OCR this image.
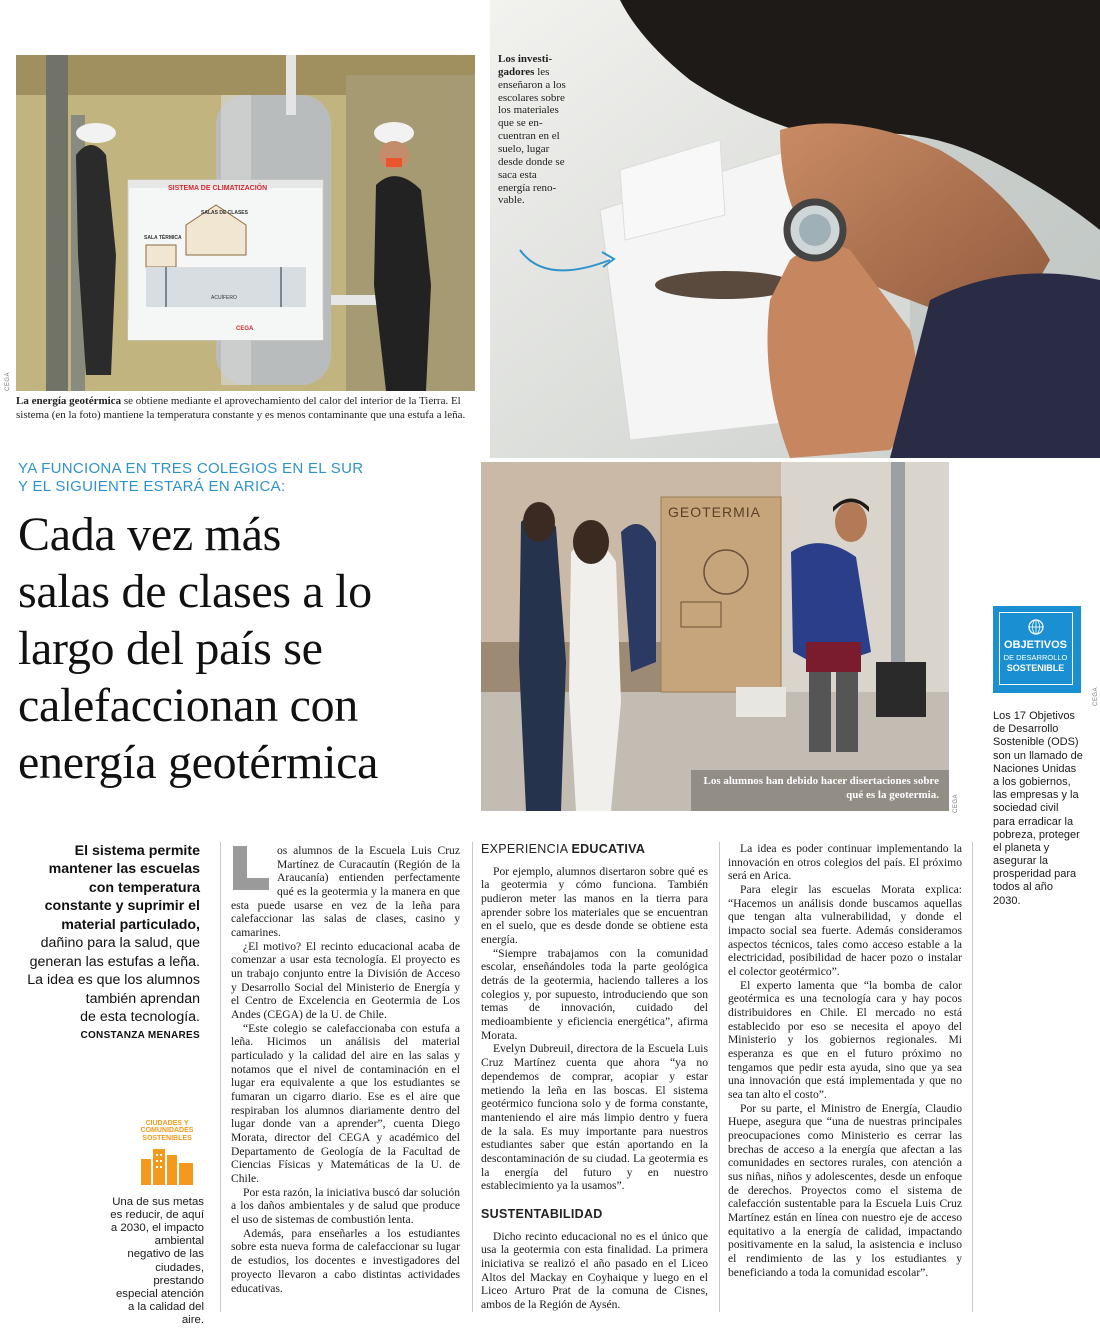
Los investigadores les enseñaron a los escolares sobre los materiales que se encuentran en el suelo, lugar desde donde se saca esta energía renovable.
SISTEMA DE CLIMATIZACIÓN
SALAS DE CLASES
SALA TÉRMICA
ACUÍFERO
CEGA
CEGA
La energía geotérmica se obtiene mediante el aprovechamiento del calor del interior de la Tierra. El sistema (en la foto) mantiene la temperatura constante y es menos contaminante que una estufa a leña.
YA FUNCIONA EN TRES COLEGIOS EN EL SUR
Y EL SIGUIENTE ESTARÁ EN ARICA:
Cada vez más
salas de clases a lo
largo del país se
calefaccionan con
energía geotérmica
GEOTERMIA
Los alumnos han debido hacer disertaciones sobre qué es la geotermia. CEGA
OBJETIVOS
DE DESARROLLO
SOSTENIBLE
CEGA
Los 17 Objetivos de Desarrollo Sostenible (ODS) son un llamado de Naciones Unidas a los gobiernos, las empresas y la sociedad civil para erradicar la pobreza, proteger el planeta y asegurar la prosperidad para todos al año 2030.
El sistema permite
mantener las escuelas
con temperatura
constante y suprimir el
material particulado,
dañino para la salud, que
generan las estufas a leña.
La idea es que los alumnos
también aprendan
de esta tecnología.
CONSTANZA MENARES
CIUDADES Y
COMUNIDADES
SOSTENIBLES
Una de sus metas es reducir, de aquí a 2030, el impacto ambiental negativo de las ciudades, prestando especial atención a la calidad del aire.

os alumnos de la Escuela Luis Cruz Martínez de Curacautín (Región de la Araucanía) entienden perfectamente qué es la geotermia y la manera en que esta puede usarse en vez de la leña para calefaccionar las salas de clases, casino y camarines.

¿El motivo? El recinto educacional acaba de comenzar a usar esta tecnología. El proyecto es un trabajo conjunto entre la División de Acceso y Desarrollo Social del Ministerio de Energía y el Centro de Excelencia en Geotermia de Los Andes (CEGA) de la U. de Chile.

“Este colegio se calefaccionaba con estufa a leña. Hicimos un análisis del material particulado y la calidad del aire en las salas y notamos que el nivel de contaminación en el lugar era equivalente a que los estudiantes se fumaran un cigarro diario. Ese es el aire que respiraban los alumnos diariamente dentro del lugar donde van a aprender”, cuenta Diego Morata, director del CEGA y académico del Departamento de Geología de la Facultad de Ciencias Físicas y Matemáticas de la U. de Chile.

Por esta razón, la iniciativa buscó dar solución a los daños ambientales y de salud que produce el uso de sistemas de combustión lenta.

Además, para enseñarles a los estudiantes sobre esta nueva forma de calefaccionar su lugar de estudios, los docentes e investigadores del proyecto llevaron a cabo distintas actividades educativas.

EXPERIENCIA EDUCATIVA

Por ejemplo, alumnos disertaron sobre qué es la geotermia y cómo funciona. También pudieron meter las manos en la tierra para aprender sobre los materiales que se encuentran en el suelo, que es desde donde se obtiene esta energía.

“Siempre trabajamos con la comunidad escolar, enseñándoles toda la parte geológica detrás de la geotermia, haciendo talleres a los colegios y, por supuesto, introduciendo que son temas de innovación, cuidado del medioambiente y eficiencia energética”, afirma Morata.

Evelyn Dubreuil, directora de la Escuela Luis Cruz Martínez cuenta que ahora “ya no dependemos de comprar, acopiar y estar metiendo la leña en las boscas. El sistema geotérmico funciona solo y de forma constante, manteniendo el aire más limpio dentro y fuera de la sala. Es muy importante para nuestros estudiantes saber que están aportando en la descontaminación de su ciudad. La geotermia es la energía del futuro y en nuestro establecimiento ya la usamos”.

SUSTENTABILIDAD

Dicho recinto educacional no es el único que usa la geotermia con esta finalidad. La primera iniciativa se realizó el año pasado en el Liceo Altos del Mackay en Coyhaique y luego en el Liceo Arturo Prat de la comuna de Cisnes, ambos de la Región de Aysén.

La idea es poder continuar implementando la innovación en otros colegios del país. El próximo será en Arica.

Para elegir las escuelas Morata explica: “Hacemos un análisis donde buscamos aquellas que tengan alta vulnerabilidad, y donde el impacto social sea fuerte. Además consideramos aspectos técnicos, tales como acceso estable a la electricidad, posibilidad de hacer pozo o instalar el colector geotérmico”.

El experto lamenta que “la bomba de calor geotérmica es una tecnología cara y hay pocos distribuidores en Chile. El mercado no está establecido por eso se necesita el apoyo del Ministerio y los gobiernos regionales. Mi esperanza es que en el futuro próximo no tengamos que pedir esta ayuda, sino que ya sea una innovación que está implementada y que no sea tan alto el costo”.

Por su parte, el Ministro de Energía, Claudio Huepe, asegura que “una de nuestras principales preocupaciones como Ministerio es cerrar las brechas de acceso a la energía que afectan a las comunidades en sectores rurales, con atención a sus niñas, niños y adolescentes, desde un enfoque de derechos. Proyectos como el sistema de calefacción sustentable para la Escuela Luis Cruz Martínez están en línea con nuestro eje de acceso equitativo a la energía de calidad, impactando positivamente en la salud, la asistencia e incluso el rendimiento de las y los estudiantes y beneficiando a toda la comunidad escolar”.
